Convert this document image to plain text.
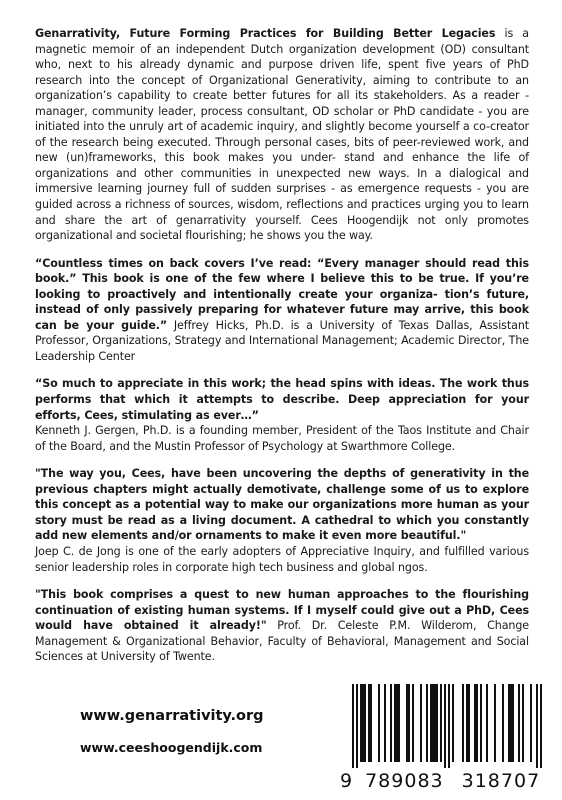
Genarrativity, Future Forming Practices for Building Better Legacies is a magnetic memoir of an independent Dutch organization development (OD) consultant who, next to his already dynamic and purpose driven life, spent five years of PhD research into the concept of Organizational Generativity, aiming to contribute to an organization’s capability to create better futures for all its stakeholders. As a reader - manager, community leader, process consultant, OD scholar or PhD candidate - you are initiated into the unruly art of academic inquiry, and slightly become yourself a co-creator of the research being executed. Through personal cases, bits of peer-reviewed work, and new (un)frameworks, this book makes you under- stand and enhance the life of organizations and other communities in unexpected new ways. In a dialogical and immersive learning journey full of sudden surprises - as emergence requests - you are guided across a richness of sources, wisdom, reflections and practices urging you to learn and share the art of genarrativity yourself. Cees Hoogendijk not only promotes organizational and societal flourishing; he shows you the way.

“Countless times on back covers I’ve read: “Every manager should read this book.” This book is one of the few where I believe this to be true. If you’re looking to proactively and intentionally create your organiza- tion’s future, instead of only passively preparing for whatever future may arrive, this book can be your guide.” Jeffrey Hicks, Ph.D. is a University of Texas Dallas, Assistant Professor, Organizations, Strategy and International Management; Academic Director, The Leadership Center

“So much to appreciate in this work; the head spins with ideas. The work thus performs that which it attempts to describe. Deep appreciation for your efforts, Cees, stimulating as ever…”
Kenneth J. Gergen, Ph.D. is a founding member, President of the Taos Institute and Chair of the Board, and the Mustin Professor of Psychology at Swarthmore College.

"The way you, Cees, have been uncovering the depths of generativity in the previous chapters might actually demotivate, challenge some of us to explore this concept as a potential way to make our organizations more human as your story must be read as a living document. A cathedral to which you constantly add new elements and/or ornaments to make it even more beautiful."
Joep C. de Jong is one of the early adopters of Appreciative Inquiry, and fulfilled various senior leadership roles in corporate high tech business and global ngos.

"This book comprises a quest to new human approaches to the flourishing continuation of existing human systems. If I myself could give out a PhD, Cees would have obtained it already!" Prof. Dr. Celeste P.M. Wilderom, Change Management & Organizational Behavior, Faculty of Behavioral, Management and Social Sciences at University of Twente.

www.genarrativity.org
www.ceeshoogendijk.com
9 789083 318707
